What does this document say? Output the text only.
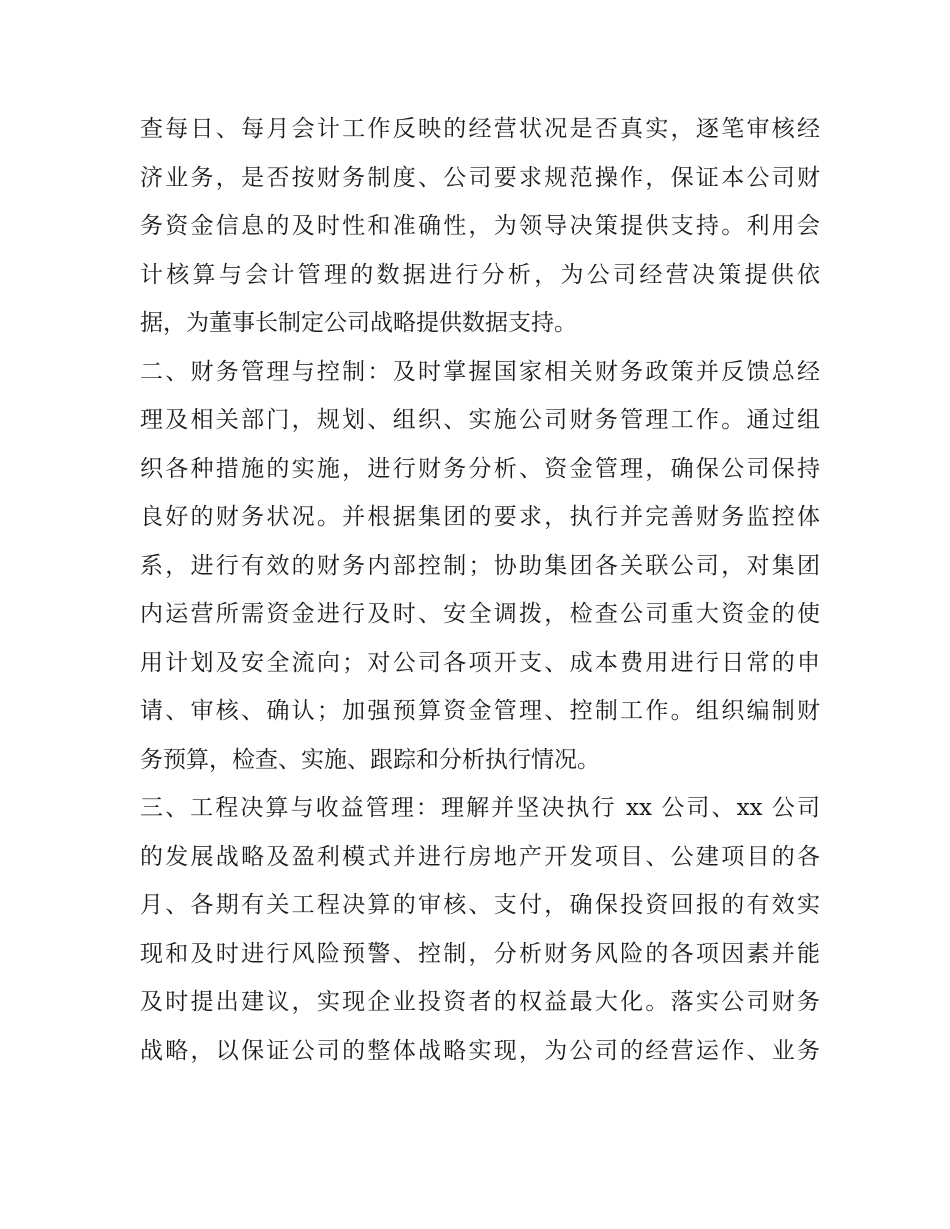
查每日、每月会计工作反映的经营状况是否真实，逐笔审核经
济业务，是否按财务制度、公司要求规范操作，保证本公司财
务资金信息的及时性和准确性，为领导决策提供支持。利用会
计核算与会计管理的数据进行分析，为公司经营决策提供依
据，为董事长制定公司战略提供数据支持。
二、财务管理与控制：及时掌握国家相关财务政策并反馈总经
理及相关部门，规划、组织、实施公司财务管理工作。通过组
织各种措施的实施，进行财务分析、资金管理，确保公司保持
良好的财务状况。并根据集团的要求，执行并完善财务监控体
系，进行有效的财务内部控制；协助集团各关联公司，对集团
内运营所需资金进行及时、安全调拨，检查公司重大资金的使
用计划及安全流向；对公司各项开支、成本费用进行日常的申
请、审核、确认；加强预算资金管理、控制工作。组织编制财
务预算，检查、实施、跟踪和分析执行情况。
三、工程决算与收益管理：理解并坚决执行 xx 公司、xx 公司
的发展战略及盈利模式并进行房地产开发项目、公建项目的各
月、各期有关工程决算的审核、支付，确保投资回报的有效实
现和及时进行风险预警、控制，分析财务风险的各项因素并能
及时提出建议，实现企业投资者的权益最大化。落实公司财务
战略，以保证公司的整体战略实现，为公司的经营运作、业务
